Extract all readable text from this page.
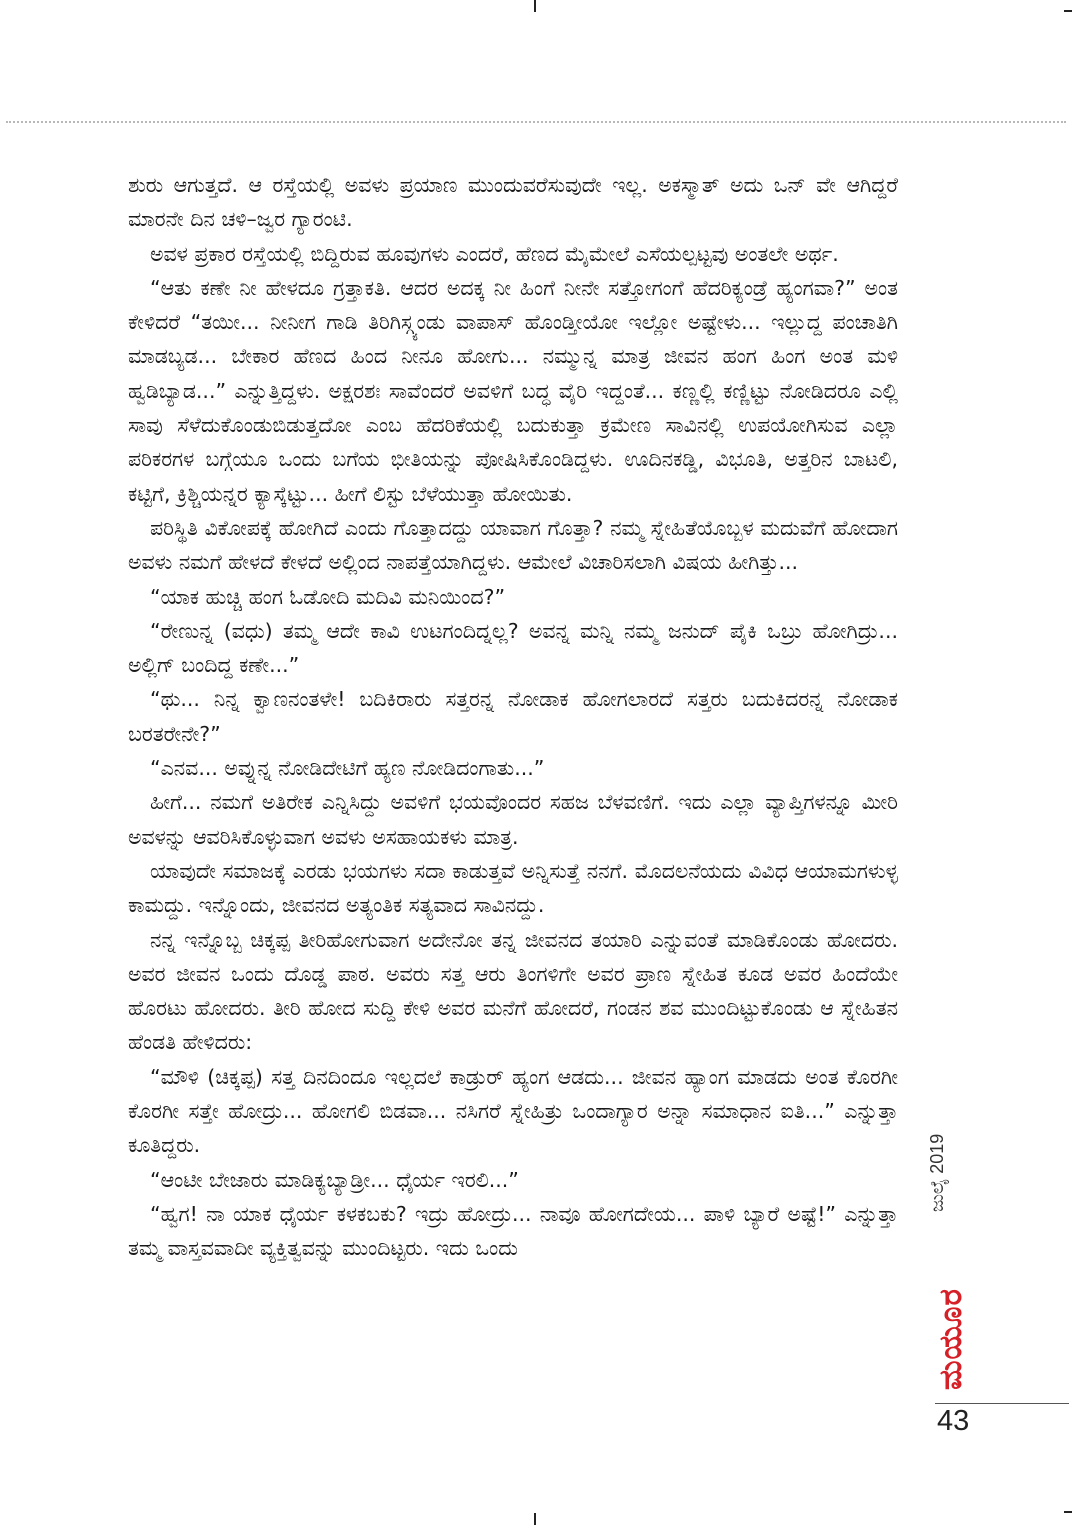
ಶುರು ಆಗುತ್ತದೆ. ಆ ರಸ್ತೆಯಲ್ಲಿ ಅವಳು ಪ್ರಯಾಣ ಮುಂದುವರೆಸುವುದೇ ಇಲ್ಲ. ಅಕಸ್ಮಾತ್ ಅದು ಒನ್ ವೇ ಆಗಿದ್ದರೆ ಮಾರನೇ ದಿನ ಚಳಿ–ಜ್ವರ ಗ್ಯಾರಂಟಿ.

ಅವಳ ಪ್ರಕಾರ ರಸ್ತೆಯಲ್ಲಿ ಬಿದ್ದಿರುವ ಹೂವುಗಳು ಎಂದರೆ, ಹೆಣದ ಮೈಮೇಲೆ ಎಸೆಯಲ್ಪಟ್ಟವು ಅಂತಲೇ ಅರ್ಥ.

“ಆತು ಕಣೇ ನೀ ಹೇಳದೂ ಗ್ರತ್ತಾಕತಿ. ಆದರ ಅದಕ್ಕ ನೀ ಹಿಂಗೆ ನೀನೇ ಸತ್ತೋಗಂಗೆ ಹೆದರಿಕ್ಯಂಡ್ರೆ ಹ್ಯಂಗವಾ?” ಅಂತ ಕೇಳಿದರೆ “ತಯೀ... ನೀನೀಗ ಗಾಡಿ ತಿರಿಗಿಸ್ಗ್ಯಂಡು ವಾಪಾಸ್ ಹೊಂಡ್ತೀಯೋ ಇಲ್ಲೋ ಅಷ್ಟೇಳು... ಇಲ್ಲುದ್ದ ಪಂಚಾತಿಗಿ ಮಾಡಬ್ಯಡ... ಬೇಕಾರ ಹೆಣದ ಹಿಂದ ನೀನೂ ಹೋಗು... ನಮ್ಮುನ್ನ ಮಾತ್ರ ಜೀವನ ಹಂಗ ಹಿಂಗ ಅಂತ ಮಳಿ ಹ್ವಡಿಬ್ಯಾಡ...” ಎನ್ನುತ್ತಿದ್ದಳು. ಅಕ್ಷರಶಃ ಸಾವೆಂದರೆ ಅವಳಿಗೆ ಬದ್ಧ ವೈರಿ ಇದ್ದಂತೆ... ಕಣ್ಣಲ್ಲಿ ಕಣ್ಣಿಟ್ಟು ನೋಡಿದರೂ ಎಲ್ಲಿ ಸಾವು ಸೆಳೆದುಕೊಂಡುಬಿಡುತ್ತದೋ ಎಂಬ ಹೆದರಿಕೆಯಲ್ಲಿ ಬದುಕುತ್ತಾ ಕ್ರಮೇಣ ಸಾವಿನಲ್ಲಿ ಉಪಯೋಗಿಸುವ ಎಲ್ಲಾ ಪರಿಕರಗಳ ಬಗ್ಗೆಯೂ ಒಂದು ಬಗೆಯ ಭೀತಿಯನ್ನು ಪೋಷಿಸಿಕೊಂಡಿದ್ದಳು. ಊದಿನಕಡ್ಡಿ, ವಿಭೂತಿ, ಅತ್ತರಿನ ಬಾಟಲಿ, ಕಟ್ಟಿಗೆ, ಕ್ರಿಶ್ಚಿಯನ್ನರ ಕ್ಯಾಸ್ಕೆಟ್ಟು... ಹೀಗೆ ಲಿಸ್ಟು ಬೆಳೆಯುತ್ತಾ ಹೋಯಿತು.

ಪರಿಸ್ಥಿತಿ ವಿಕೋಪಕ್ಕೆ ಹೋಗಿದೆ ಎಂದು ಗೊತ್ತಾದದ್ದು ಯಾವಾಗ ಗೊತ್ತಾ? ನಮ್ಮ ಸ್ನೇಹಿತೆಯೊಬ್ಬಳ ಮದುವೆಗೆ ಹೋದಾಗ ಅವಳು ನಮಗೆ ಹೇಳದೆ ಕೇಳದೆ ಅಲ್ಲಿಂದ ನಾಪತ್ತೆಯಾಗಿದ್ದಳು. ಆಮೇಲೆ ವಿಚಾರಿಸಲಾಗಿ ವಿಷಯ ಹೀಗಿತ್ತು...

“ಯಾಕ ಹುಚ್ಚಿ ಹಂಗ ಓಡೋದಿ ಮದಿವಿ ಮನಿಯಿಂದ?”

“ರೇಣುನ್ನ (ವಧು) ತಮ್ಮ ಆದೇ ಕಾವಿ ಉಟಗಂದಿದ್ನಲ್ಲ? ಅವನ್ನ ಮನ್ನಿ ನಮ್ಮ ಜನುದ್ ಪೈಕಿ ಒಬ್ರು ಹೋಗಿದ್ರು... ಅಲ್ಲಿಗ್ ಬಂದಿದ್ದ ಕಣೇ...”

“ಥು... ನಿನ್ನ ಕ್ವಾಣನಂತಳೇ! ಬದಿಕಿರಾರು ಸತ್ತರನ್ನ ನೋಡಾಕ ಹೋಗಲಾರದೆ ಸತ್ತರು ಬದುಕಿದರನ್ನ ನೋಡಾಕ ಬರತರೇನೇ?”

“ಎನವ... ಅವ್ನುನ್ನ ನೋಡಿದೇಟಿಗೆ ಹ್ಯಣ ನೋಡಿದಂಗಾತು...”

ಹೀಗೆ... ನಮಗೆ ಅತಿರೇಕ ಎನ್ನಿಸಿದ್ದು ಅವಳಿಗೆ ಭಯವೊಂದರ ಸಹಜ ಬೆಳವಣಿಗೆ. ಇದು ಎಲ್ಲಾ ವ್ಯಾಪ್ತಿಗಳನ್ನೂ ಮೀರಿ ಅವಳನ್ನು ಆವರಿಸಿಕೊಳ್ಳುವಾಗ ಅವಳು ಅಸಹಾಯಕಳು ಮಾತ್ರ.

ಯಾವುದೇ ಸಮಾಜಕ್ಕೆ ಎರಡು ಭಯಗಳು ಸದಾ ಕಾಡುತ್ತವೆ ಅನ್ನಿಸುತ್ತೆ ನನಗೆ. ಮೊದಲನೆಯದು ವಿವಿಧ ಆಯಾಮಗಳುಳ್ಳ ಕಾಮದ್ದು. ಇನ್ನೊಂದು, ಜೀವನದ ಅತ್ಯಂತಿಕ ಸತ್ಯವಾದ ಸಾವಿನದ್ದು.

ನನ್ನ ಇನ್ನೊಬ್ಬ ಚಿಕ್ಕಪ್ಪ ತೀರಿಹೋಗುವಾಗ ಅದೇನೋ ತನ್ನ ಜೀವನದ ತಯಾರಿ ಎನ್ನುವಂತೆ ಮಾಡಿಕೊಂಡು ಹೋದರು. ಅವರ ಜೀವನ ಒಂದು ದೊಡ್ಡ ಪಾಠ. ಅವರು ಸತ್ತ ಆರು ತಿಂಗಳಿಗೇ ಅವರ ಪ್ರಾಣ ಸ್ನೇಹಿತ ಕೂಡ ಅವರ ಹಿಂದೆಯೇ ಹೊರಟು ಹೋದರು. ತೀರಿ ಹೋದ ಸುದ್ದಿ ಕೇಳಿ ಅವರ ಮನೆಗೆ ಹೋದರೆ, ಗಂಡನ ಶವ ಮುಂದಿಟ್ಟುಕೊಂಡು ಆ ಸ್ನೇಹಿತನ ಹೆಂಡತಿ ಹೇಳಿದರು:

“ಮೌಳಿ (ಚಿಕ್ಕಪ್ಪ) ಸತ್ತ ದಿನದಿಂದೂ ಇಲ್ಲದಲೆ ಕಾಡ್ರುರ್ ಹ್ಯಂಗ ಆಡದು... ಜೀವನ ಹ್ಯಾಂಗ ಮಾಡದು ಅಂತ ಕೊರಗೀ ಕೊರಗೀ ಸತ್ತೇ ಹೋದ್ರು... ಹೋಗಲಿ ಬಿಡವಾ... ನಸಿಗರೆ ಸ್ನೇಹಿತ್ರು ಒಂದಾಗ್ಯಾರ ಅನ್ನಾ ಸಮಾಧಾನ ಐತಿ...” ಎನ್ನುತ್ತಾ ಕೂತಿದ್ದರು.

“ಆಂಟೀ ಬೇಜಾರು ಮಾಡಿಕ್ಯಬ್ಯಾಡ್ರೀ... ಧೈರ್ಯ ಇರಲಿ...”

“ಹ್ವಗ! ನಾ ಯಾಕ ಧೈರ್ಯ ಕಳಕಬಕು? ಇದ್ರು ಹೋದ್ರು... ನಾವೂ ಹೋಗದೇಯ... ಪಾಳಿ ಬ್ಯಾರೆ ಅಷ್ಟೆ!” ಎನ್ನುತ್ತಾ ತಮ್ಮ ವಾಸ್ತವವಾದೀ ವ್ಯಕ್ತಿತ್ವವನ್ನು ಮುಂದಿಟ್ಟರು. ಇದು ಒಂದು

ಜುಲೈ 2019
ಮಯೂರ
43
